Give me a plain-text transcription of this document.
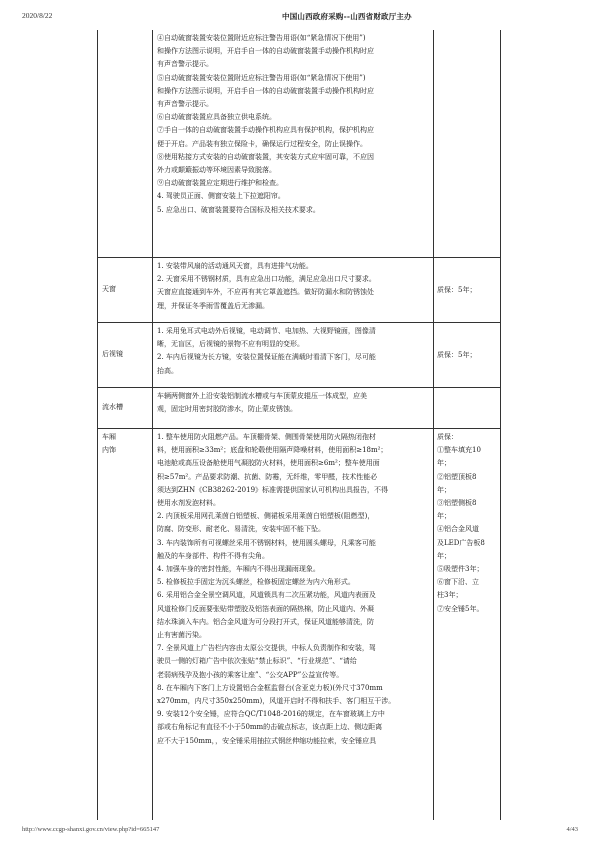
2020/8/22	中国山西政府采购--山西省财政厅主办
④自动破窗装置安装位置附近应标注警告用语(如“紧急情况下使用”)
和操作方法图示说明，开启手自一体的自动破窗装置手动操作机构时应
有声音警示提示。
⑤自动破窗装置安装位置附近应标注警告用语(如“紧急情况下使用”)
和操作方法图示说明，开启手自一体的自动破窗装置手动操作机构时应
有声音警示提示。
⑥自动破窗装置应具备独立供电系统。
⑦手自一体的自动破窗装置手动操作机构应具有保护机构，保护机构应
便于开启。产品装有独立保险卡，确保运行过程安全，防止误操作。
⑧使用粘接方式安装的自动破窗装置，其安装方式应牢固可靠，不应因
外力或颠簸振动等环境因素导致脱落。
⑨自动破窗装置应定期进行维护和检查。
4. 驾驶员正面、侧窗安装上下拉遮阳帘。
5. 应急出口、破窗装置要符合国标及相关技术要求。
天窗
1. 安装带风扇的活动通风天窗，具有进排气功能。
2. 天窗采用不锈钢材质，具有应急出口功能，满足应急出口尺寸要求。
天窗应直接通到车外，不应再有其它罩盖遮挡。做好防漏水和防锈蚀处
理，并保证冬季雨雪覆盖后无渗漏。
质保：5年；
后视镜
1. 采用兔耳式电动外后视镜，电动调节、电加热、大视野镜面，图像清
晰，无盲区，后视镜的景物不应有明显的变形。
2. 车内后视镜为长方镜，安装位置保证能在满载时看清下客门，尽可能
抬高。
质保：5年；
流水槽
车辆两侧窗外上沿安装铝制流水槽或与车顶蒙皮辊压一体成型，应美
观，固定时用密封胶防渗水，防止蒙皮锈蚀。
车厢
内饰
1. 整车使用防火阻燃产品。车顶棚骨架、侧围骨架使用防火隔热闭孢材
料，使用面积≥33m²；底盘和轮毂使用隔声降噪材料，使用面积≥18m²；
电池舱或高压设备舱使用气凝胶防火材料，使用面积≥6m²；整车使用面
积≥57m²。产品要求防潮、抗菌、防霉，无纤维，零甲醛，技术性能必
须达到ZHN《CB38262-2019》标准需提供国家认可机构出具报告，不得
使用水剂发泡材料。
2. 内顶板采用网孔莱茵白铝塑板、侧裙板采用莱茵白铝塑板(阻燃型)，
防腐、防变形、耐老化、易清洗，安装牢固不能下坠。
3. 车内装饰所有可视螺丝采用不锈钢材料，使用圆头螺母，凡乘客可能
触及的车身部件、构件不得有尖角。
4. 加强车身的密封性能，车厢内不得出现漏雨现象。
5. 检修板拉手固定为沉头螺丝，检修板固定螺丝为内六角形式。
6. 采用铝合金全景空调风道，风道锁具有二次压紧功能，风道内表面及
风道检修门反面要张贴带塑胶及铝箔表面的隔热棉，防止风道内、外凝
结水珠滴入车内。铝合金风道为可分段打开式，保证风道能够清洗，防
止有害菌污染。
7. 全景风道上广告栏内容由太原公交提供，中标人负责制作和安装，驾
驶员一侧的灯箱广告中依次张贴“禁止标识”、“行业规范”、“请给
老弱病残孕及抱小孩的乘客让座”、“公交APP”公益宣传等。
8. 在车厢内下客门上方设置铝合金框监督台(含亚克力板)(外尺寸370mm
x270mm，内尺寸350x250mm)，风道开启时不得和扶手、客门相互干涉。
9. 安装12个安全锤，应符合QC/T1048-2016的规定，在车窗玻璃上方中
部或右角标记有直径不小于50mm的击破点标志，该点距上边、侧边距离
应不大于150mm，，安全锤采用抽拉式钢丝伸缩功能拉索，安全锤应具
质保：
①整车填充10
年；
②铝塑顶板8
年；
③铝塑侧板8
年；
④铝合金风道
及LED广告板8
年；
⑤吸塑件3年；
⑥窗下沿、立
柱3年；
⑦安全锤5年。
http://www.ccgp-shanxi.gov.cn/view.php?id=665147	4/43
